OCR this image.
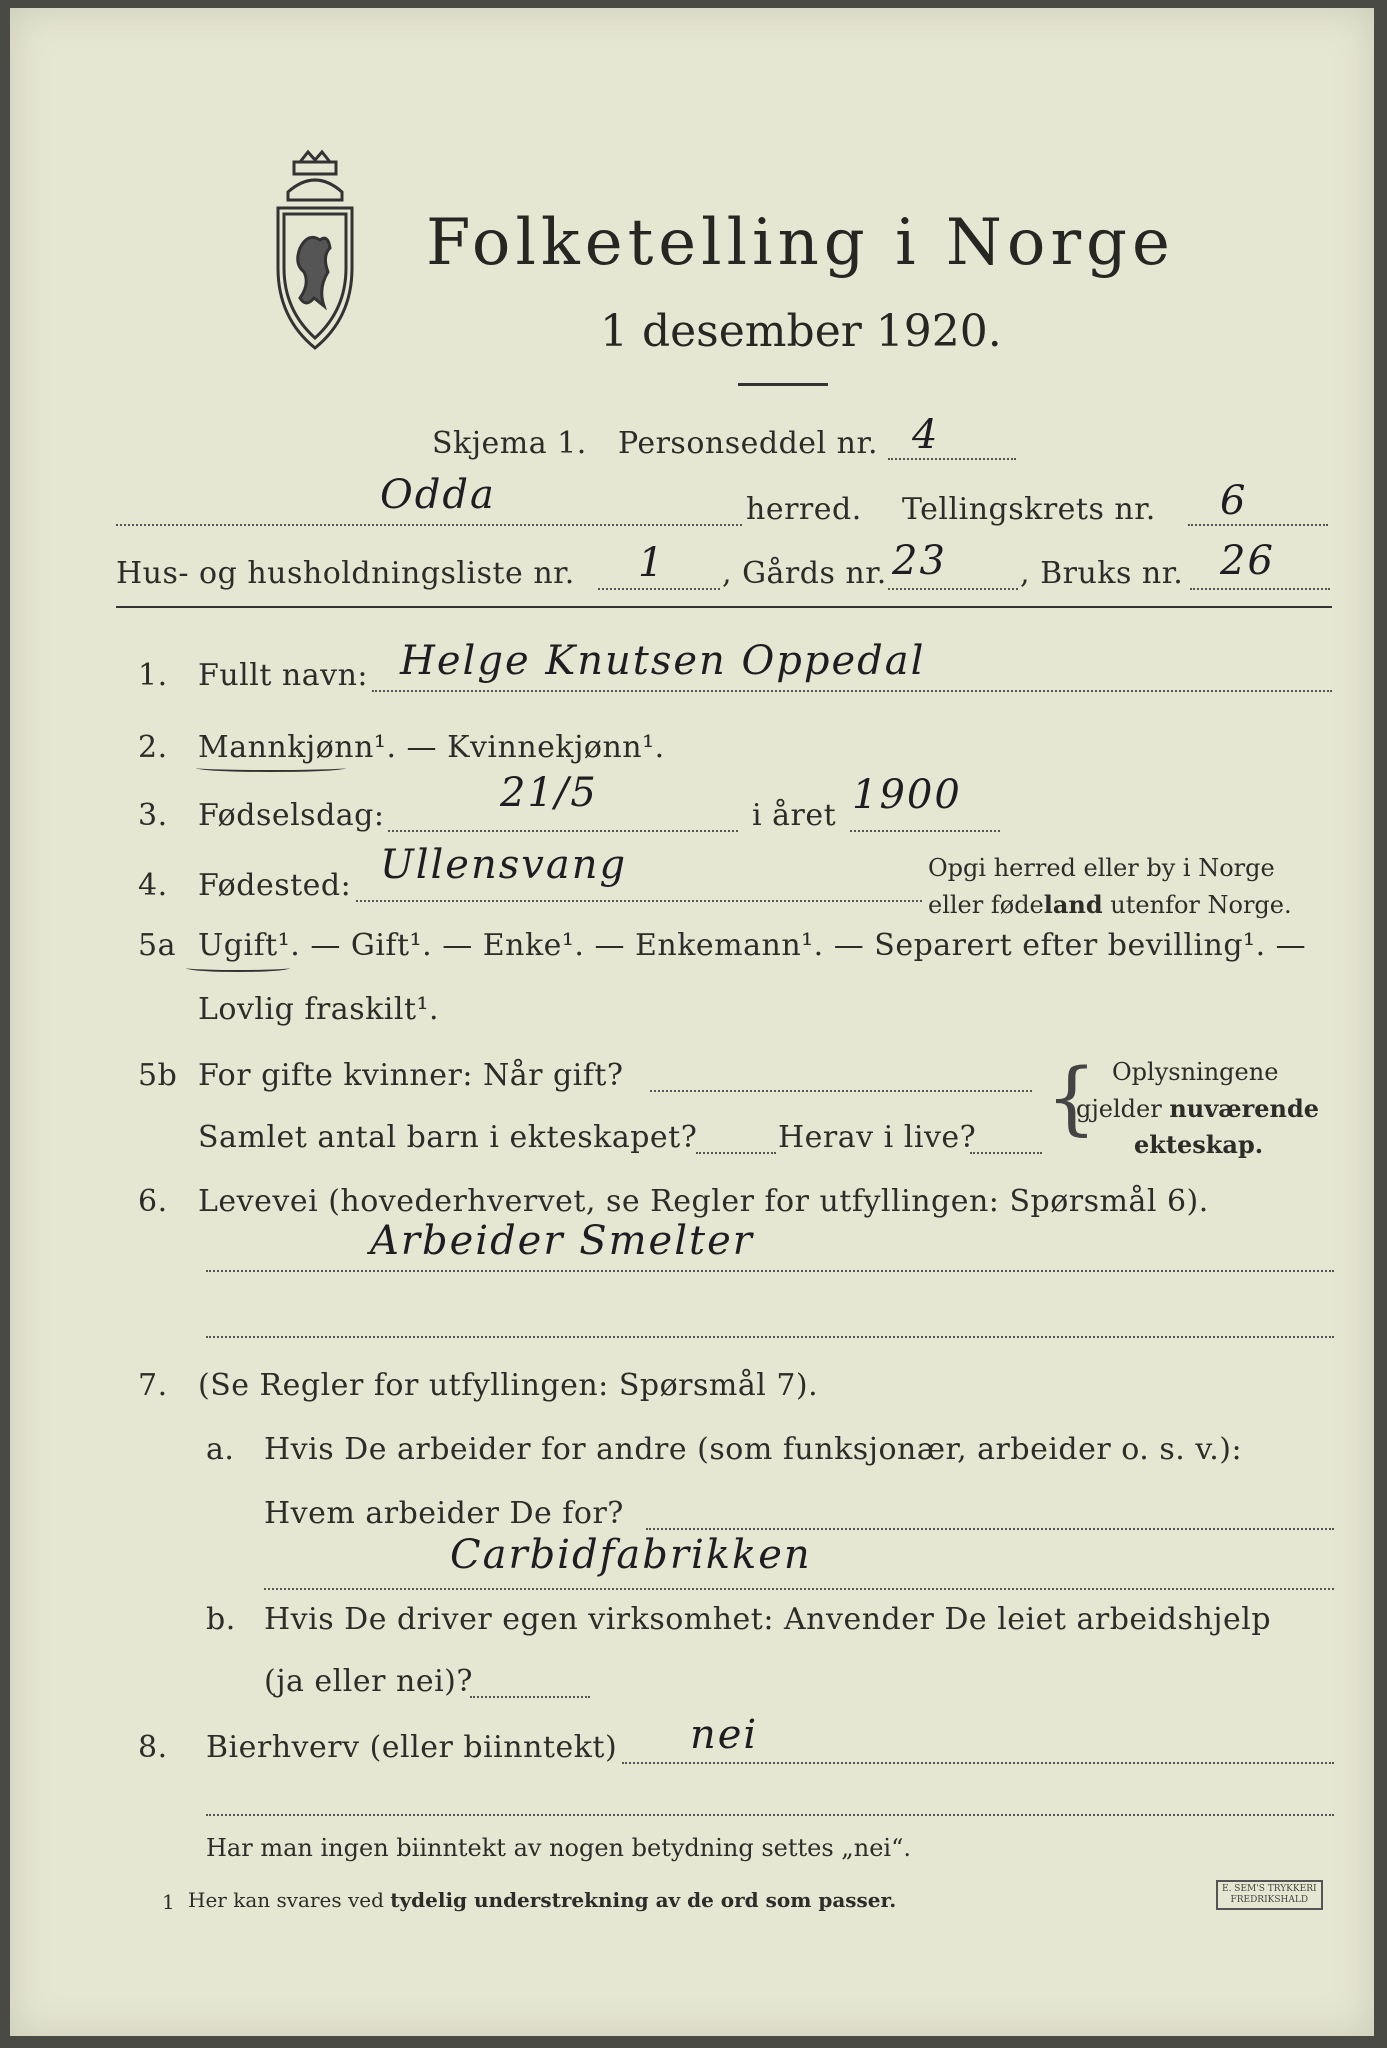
Folketelling i Norge
1 desember 1920.
Skjema 1. Personseddel nr. 4
Odda	herred. Tellingskrets nr. 6
Hus- og husholdningsliste nr. 1 , Gårds nr. 23 , Bruks nr. 26
1. Fullt navn: Helge Knutsen Oppedal
2. Mannkjønn¹. — Kvinnekjønn¹.
3. Fødselsdag:	21/5	i året 1900
4. Fødested: Ullensvang	Opgi herred eller by i Norge
eller fødeland utenfor Norge.
5a Ugift¹. — Gift¹. — Enke¹. — Enkemann¹. — Separert efter bevilling¹. —
Lovlig fraskilt¹.
5b For gifte kvinner: Når gift?
Samlet antal barn i ekteskapet?	Herav i live? { Oplysningene
gjelder nuværende
ekteskap.
6. Levevei (hovederhvervet, se Regler for utfyllingen: Spørsmål 6).
Arbeider Smelter
7. (Se Regler for utfyllingen: Spørsmål 7).
a. Hvis De arbeider for andre (som funksjonær, arbeider o. s. v.):
Hvem arbeider De for?
Carbidfabrikken
b. Hvis De driver egen virksomhet: Anvender De leiet arbeidshjelp
(ja eller nei)?
8. Bierhverv (eller biinntekt) nei
Har man ingen biinntekt av nogen betydning settes „nei“.
1 Her kan svares ved tydelig understrekning av de ord som passer.	E. SEM'S TRYKKERI
FREDRIKSHALD
